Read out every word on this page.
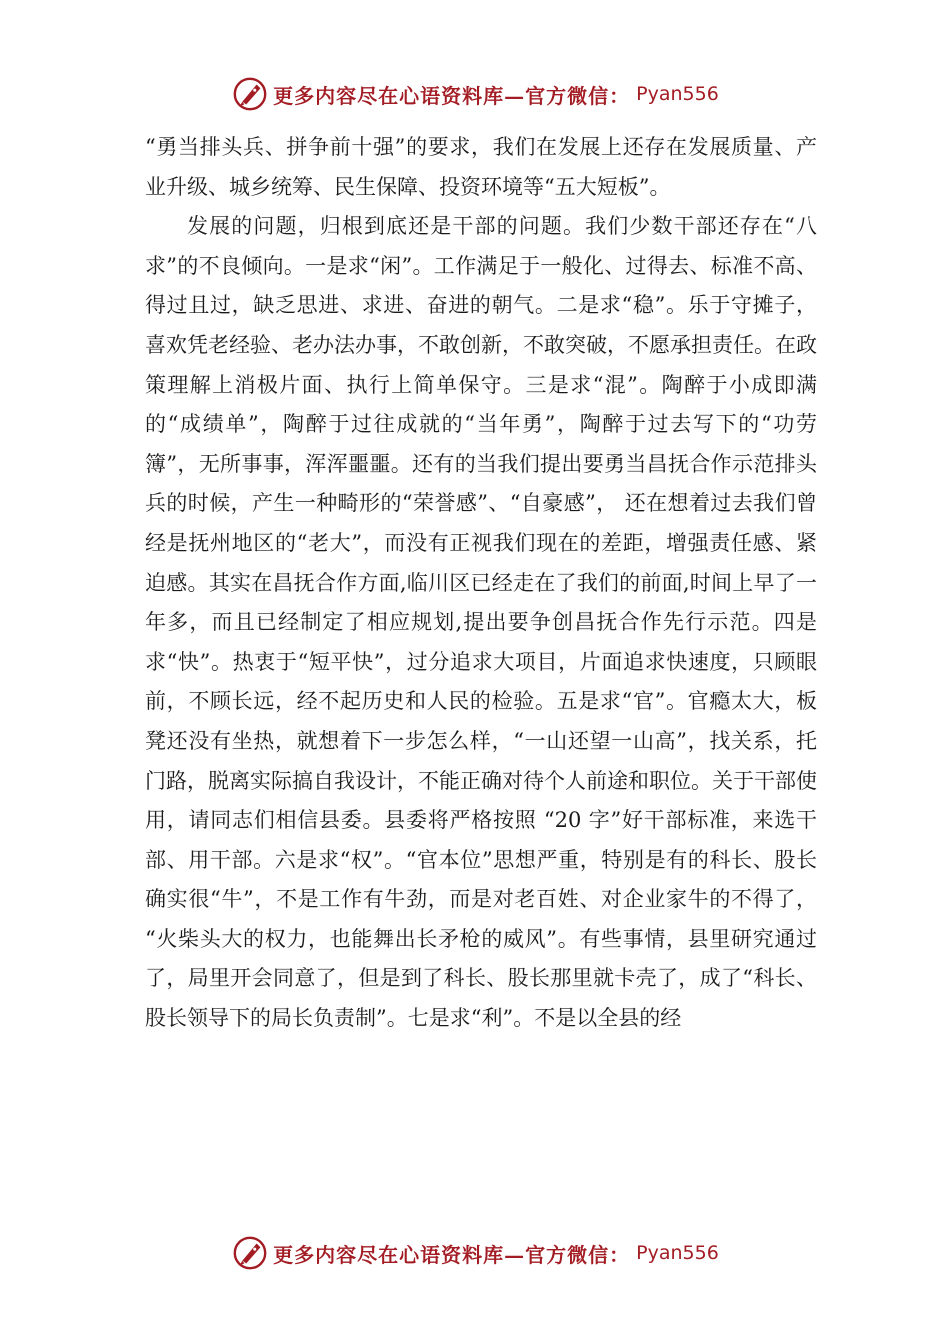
更多内容尽在心语资料库—官方微信： Pyan556

“勇当排头兵、拼争前十强”的要求，我们在发展上还存在发展质量、产业升级、城乡统筹、民生保障、投资环境等“五大短板”。

发展的问题，归根到底还是干部的问题。我们少数干部还存在“八求”的不良倾向。一是求“闲”。工作满足于一般化、过得去、标准不高、得过且过，缺乏思进、求进、奋进的朝气。二是求“稳”。乐于守摊子，喜欢凭老经验、老办法办事，不敢创新，不敢突破，不愿承担责任。在政策理解上消极片面、执行上简单保守。三是求“混”。陶醉于小成即满的“成绩单”，陶醉于过往成就的“当年勇”，陶醉于过去写下的“功劳簿”，无所事事，浑浑噩噩。还有的当我们提出要勇当昌抚合作示范排头兵的时候，产生一种畸形的“荣誉感”、“自豪感”， 还在想着过去我们曾经是抚州地区的“老大”，而没有正视我们现在的差距，增强责任感、紧迫感。其实在昌抚合作方面,临川区已经走在了我们的前面,时间上早了一年多，而且已经制定了相应规划,提出要争创昌抚合作先行示范。四是求“快”。热衷于“短平快”，过分追求大项目，片面追求快速度，只顾眼前，不顾长远，经不起历史和人民的检验。五是求“官”。官瘾太大，板凳还没有坐热，就想着下一步怎么样，“一山还望一山高”，找关系，托门路，脱离实际搞自我设计，不能正确对待个人前途和职位。关于干部使用，请同志们相信县委。县委将严格按照 “20 字”好干部标准，来选干部、用干部。六是求“权”。“官本位”思想严重，特别是有的科长、股长确实很“牛”，不是工作有牛劲，而是对老百姓、对企业家牛的不得了， “火柴头大的权力，也能舞出长矛枪的威风”。有些事情，县里研究通过了，局里开会同意了，但是到了科长、股长那里就卡壳了，成了“科长、股长领导下的局长负责制”。七是求“利”。不是以全县的经

更多内容尽在心语资料库—官方微信： Pyan556
